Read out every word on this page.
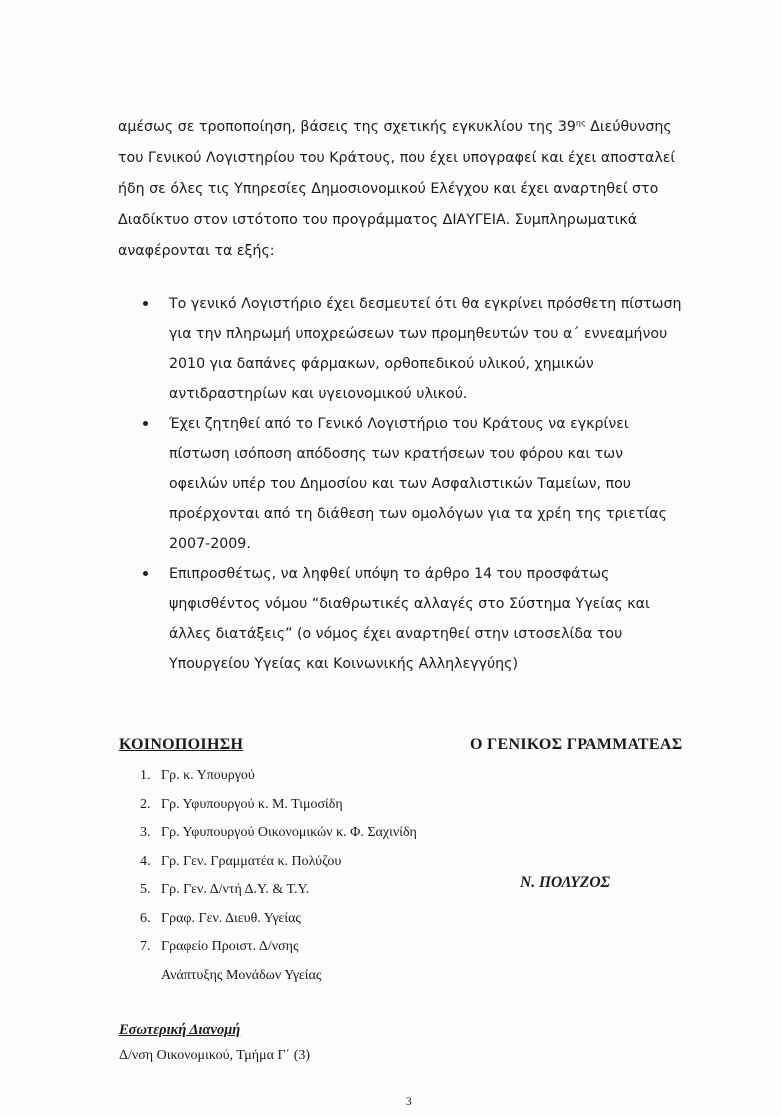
αμέσως σε τροποποίηση, βάσεις της σχετικής εγκυκλίου της $39^{\eta\varsigma}$ Διεύθυνσης
του Γενικού Λογιστηρίου του Κράτους, που έχει υπογραφεί και έχει αποσταλεί
ήδη σε όλες τις Υπηρεσίες Δημοσιονομικού Ελέγχου και έχει αναρτηθεί στο
Διαδίκτυο στον ιστότοπο του προγράμματος ΔΙΑΥΓΕΙΑ. Συμπληρωματικά
αναφέρονται τα εξής:

Το γενικό Λογιστήριο έχει δεσμευτεί ότι θα εγκρίνει πρόσθετη πίστωση
για την πληρωμή υποχρεώσεων των προμηθευτών του α΄ εννεαμήνου
2010 για δαπάνες φάρμακων, ορθοπεδικού υλικού, χημικών
αντιδραστηρίων και υγειονομικού υλικού.
Έχει ζητηθεί από το Γενικό Λογιστήριο του Κράτους να εγκρίνει
πίστωση ισόποση απόδοσης των κρατήσεων του φόρου και των
οφειλών υπέρ του Δημοσίου και των Ασφαλιστικών Ταμείων, που
προέρχονται από τη διάθεση των ομολόγων για τα χρέη της τριετίας
2007-2009.
Επιπροσθέτως, να ληφθεί υπόψη το άρθρο 14 του προσφάτως
ψηφισθέντος νόμου “διαθρωτικές αλλαγές στο Σύστημα Υγείας και
άλλες διατάξεις” (ο νόμος έχει αναρτηθεί στην ιστοσελίδα του
Υπουργείου Υγείας και Κοινωνικής Αλληλεγγύης)
ΚΟΙΝΟΠΟΙΗΣΗ	Ο ΓΕΝΙΚΟΣ ΓΡΑΜΜΑΤΕΑΣ
1. Γρ. κ. Υπουργού
2. Γρ. Υφυπουργού κ. Μ. Τιμοσίδη
3. Γρ. Υφυπουργού Οικονομικών κ. Φ. Σαχινίδη
4. Γρ. Γεν. Γραμματέα κ. Πολύζου
5. Γρ. Γεν. Δ/ντή Δ.Υ. & Τ.Υ.
6. Γραφ. Γεν. Διευθ. Υγείας
7. Γραφείο Προιστ. Δ/νσης
Ανάπτυξης Μονάδων Υγείας
Ν. ΠΟΛΥΖΟΣ
Εσωτερική Διανομή
Δ/νση Οικονομικού, Τμήμα Γ΄ (3)
3
